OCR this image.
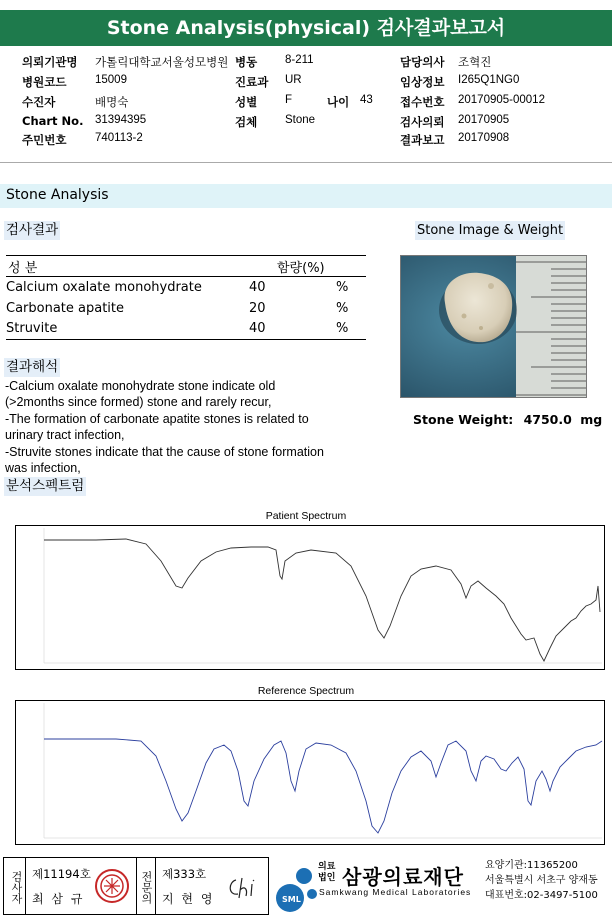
Stone Analysis(physical) 검사결과보고서
의뢰기관명 가톨릭대학교서울성모병원 병동 8-211	담당의사 조혁진
병원코드 15009	진료과 UR	임상정보 I265Q1NG0
수진자	배명숙	성별 F	나이 43 접수번호 20170905-00012
Chart No. 31394395	검체 Stone	검사의뢰 20170905
주민번호 740113-2	결과보고 20170908
Stone Analysis
검사결과	Stone Image & Weight
성 분	함량(%)	
Calcium oxalate monohydrate	40	%
Carbonate apatite	20	%
Struvite	40	%
결과해석
-Calcium oxalate monohydrate stone indicate old
(>2months since formed) stone and rarely recur,
-The formation of carbonate apatite stones is related to
urinary tract infection,
-Struvite stones indicate that the cause of stone formation
was infection,
Stone Weight: 4750.0 mg
분석스펙트럼
Patient Spectrum
Reference Spectrum
검사자 제11194호
최 삼 규	전문의 제333호
지 현 영	SML
의료
법인 삼광의료재단
Samkwang Medical Laboratories
요양기관:11365200
서울특별시 서초구 양재동
대표번호:02-3497-5100
